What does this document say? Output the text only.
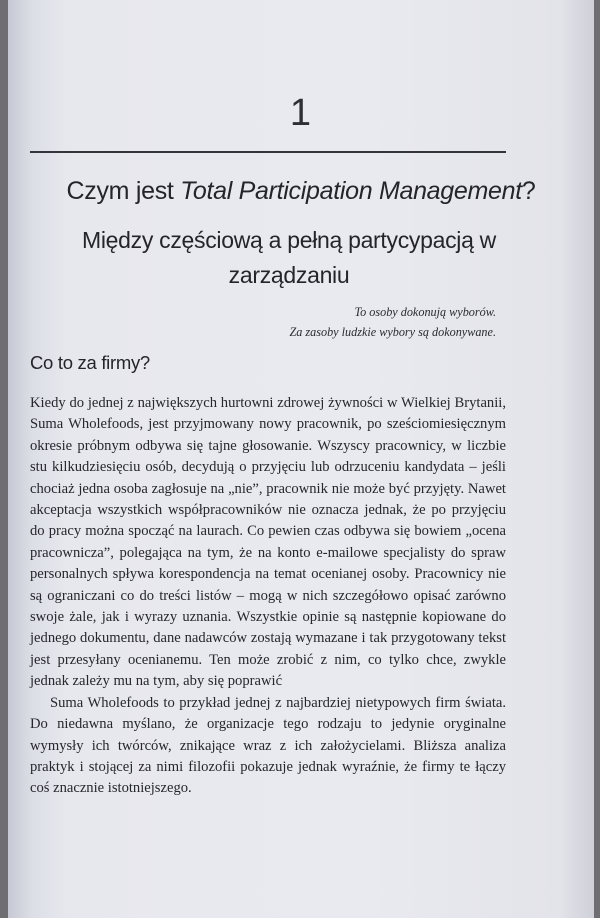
1
Czym jest Total Participation Management?
Między częściową a pełną partycypacją w zarządzaniu
To osoby dokonują wyborów.
Za zasoby ludzkie wybory są dokonywane.
Co to za firmy?

Kiedy do jednej z największych hurtowni zdrowej żywności w Wielkiej Brytanii, Suma Wholefoods, jest przyjmowany nowy pracownik, po sześciomiesięcznym okresie próbnym odbywa się tajne głosowanie. Wszyscy pracownicy, w liczbie stu kilkudziesięciu osób, decydują o przyjęciu lub odrzuceniu kandydata – jeśli chociaż jedna osoba zagłosuje na „nie”, pracownik nie może być przyjęty. Nawet akceptacja wszystkich współpracowników nie oznacza jednak, że po przyjęciu do pracy można spocząć na laurach. Co pewien czas odbywa się bowiem „ocena pracownicza”, polegająca na tym, że na konto e-mailowe specjalisty do spraw personalnych spływa korespondencja na temat ocenianej osoby. Pracownicy nie są ograniczani co do treści listów – mogą w nich szczegółowo opisać zarówno swoje żale, jak i wyrazy uznania. Wszystkie opinie są następnie kopiowane do jednego dokumentu, dane nadawców zostają wymazane i tak przygotowany tekst jest przesyłany ocenianemu. Ten może zrobić z nim, co tylko chce, zwykle jednak zależy mu na tym, aby się poprawić

Suma Wholefoods to przykład jednej z najbardziej nietypowych firm świata. Do niedawna myślano, że organizacje tego rodzaju to jedynie oryginalne wymysły ich twórców, znikające wraz z ich założycielami. Bliższa analiza praktyk i stojącej za nimi filozofii pokazuje jednak wyraźnie, że firmy te łączy coś znacznie istotniejszego.
